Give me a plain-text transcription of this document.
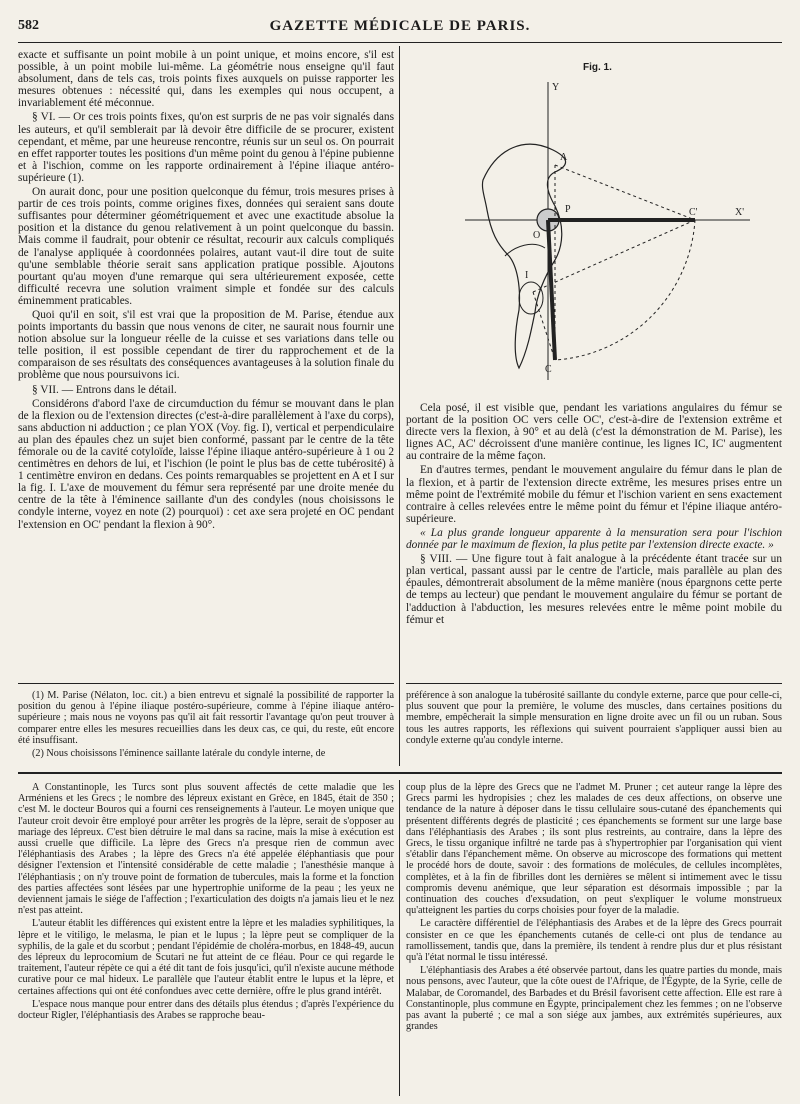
582	GAZETTE MÉDICALE DE PARIS.

exacte et suffisante un point mobile à un point unique, et moins encore, s'il est possible, à un point mobile lui-même. La géométrie nous enseigne qu'il faut absolument, dans de tels cas, trois points fixes auxquels on puisse rapporter les mesures obtenues : nécessité qui, dans les exemples qui nous occupent, a invariablement été méconnue.

§ VI. — Or ces trois points fixes, qu'on est surpris de ne pas voir signalés dans les auteurs, et qu'il semblerait par là devoir être difficile de se procurer, existent cependant, et même, par une heureuse rencontre, réunis sur un seul os. On pourrait en effet rapporter toutes les positions d'un même point du genou à l'épine pubienne et à l'ischion, comme on les rapporte ordinairement à l'épine iliaque antéro-supérieure (1).

On aurait donc, pour une position quelconque du fémur, trois mesures prises à partir de ces trois points, comme origines fixes, données qui seraient sans doute suffisantes pour déterminer géométriquement et avec une exactitude absolue la position et la distance du genou relativement à un point quelconque du bassin. Mais comme il faudrait, pour obtenir ce résultat, recourir aux calculs compliqués de l'analyse appliquée à coordonnées polaires, autant vaut-il dire tout de suite qu'une semblable théorie serait sans application pratique possible. Ajoutons pourtant qu'au moyen d'une remarque qui sera ultérieurement exposée, cette difficulté recevra une solution vraiment simple et fondée sur des calculs éminemment praticables.

Quoi qu'il en soit, s'il est vrai que la proposition de M. Parise, étendue aux points importants du bassin que nous venons de citer, ne saurait nous fournir une notion absolue sur la longueur réelle de la cuisse et ses variations dans telle ou telle position, il est possible cependant de tirer du rapprochement et de la comparaison de ses résultats des conséquences avantageuses à la solution finale du problème que nous poursuivons ici.

§ VII. — Entrons dans le détail.

Considérons d'abord l'axe de circumduction du fémur se mouvant dans le plan de la flexion ou de l'extension directes (c'est-à-dire parallèlement à l'axe du corps), sans abduction ni adduction ; ce plan YOX (Voy. fig. I), vertical et perpendiculaire au plan des épaules chez un sujet bien conformé, passant par le centre de la tête fémorale ou de la cavité cotyloïde, laisse l'épine iliaque antéro-supérieure à 1 ou 2 centimètres en dehors de lui, et l'ischion (le point le plus bas de cette tubérosité) à 1 centimètre environ en dedans. Ces points remarquables se projettent en A et I sur la fig. I. L'axe de mouvement du fémur sera représenté par une droite menée du centre de la tête à l'éminence saillante d'un des condyles (nous choisissons le condyle interne, voyez en note (2) pourquoi) : cet axe sera projeté en OC pendant l'extension en OC' pendant la flexion à 90°.

Fig. 1.
Y
A
P	C'	X'
I
C
O

Cela posé, il est visible que, pendant les variations angulaires du fémur se portant de la position OC vers celle OC', c'est-à-dire de l'extension extrême et directe vers la flexion, à 90° et au delà (c'est la démonstration de M. Parise), les lignes AC, AC' décroissent d'une manière continue, les lignes IC, IC' augmentent au contraire de la même façon.

En d'autres termes, pendant le mouvement angulaire du fémur dans le plan de la flexion, et à partir de l'extension directe extrême, les mesures prises entre un même point de l'extrémité mobile du fémur et l'ischion varient en sens exactement contraire à celles relevées entre le même point du fémur et l'épine iliaque antéro-supérieure.

« La plus grande longueur apparente à la mensuration sera pour l'ischion donnée par le maximum de flexion, la plus petite par l'extension directe exacte. »

§ VIII. — Une figure tout à fait analogue à la précédente étant tracée sur un plan vertical, passant aussi par le centre de l'article, mais parallèle au plan des épaules, démontrerait absolument de la même manière (nous épargnons cette perte de temps au lecteur) que pendant le mouvement angulaire du fémur se portant de l'adduction à l'abduction, les mesures relevées entre le même point mobile du fémur et

(1) M. Parise (Nélaton, loc. cit.) a bien entrevu et signalé la possibilité de rapporter la position du genou à l'épine iliaque postéro-supérieure, comme à l'épine iliaque antéro-supérieure ; mais nous ne voyons pas qu'il ait fait ressortir l'avantage qu'on peut trouver à comparer entre elles les mesures recueillies dans les deux cas, ce qui, du reste, eût encore été insuffisant.

(2) Nous choisissons l'éminence saillante latérale du condyle interne, de

préférence à son analogue la tubérosité saillante du condyle externe, parce que pour celle-ci, plus souvent que pour la première, le volume des muscles, dans certaines positions du membre, empêcherait la simple mensuration en ligne droite avec un fil ou un ruban. Sous tous les autres rapports, les réflexions qui suivent pourraient s'appliquer aussi bien au condyle externe qu'au condyle interne.

A Constantinople, les Turcs sont plus souvent affectés de cette maladie que les Arméniens et les Grecs ; le nombre des lépreux existant en Grèce, en 1845, était de 350 ; c'est M. le docteur Bouros qui a fourni ces renseignements à l'auteur. Le moyen unique que l'auteur croit devoir être employé pour arrêter les progrès de la lèpre, serait de s'opposer au mariage des lépreux. C'est bien détruire le mal dans sa racine, mais la mise à exécution est aussi cruelle que difficile. La lèpre des Grecs n'a presque rien de commun avec l'éléphantiasis des Arabes ; la lèpre des Grecs n'a été appelée éléphantiasis que pour désigner l'extension et l'intensité considérable de cette maladie ; l'anesthésie manque à l'éléphantiasis ; on n'y trouve point de formation de tubercules, mais la forme et la fonction des parties affectées sont lésées par une hypertrophie uniforme de la peau ; les yeux ne deviennent jamais le siége de l'affection ; l'exarticulation des doigts n'a jamais lieu et le nez n'est pas atteint.

L'auteur établit les différences qui existent entre la lèpre et les maladies syphilitiques, la lèpre et le vitiligo, le melasma, le pian et le lupus ; la lèpre peut se compliquer de la syphilis, de la gale et du scorbut ; pendant l'épidémie de choléra-morbus, en 1848-49, aucun des lépreux du leprocomium de Scutari ne fut atteint de ce fléau. Pour ce qui regarde le traitement, l'auteur répète ce qui a été dit tant de fois jusqu'ici, qu'il n'existe aucune méthode curative pour ce mal hideux. Le parallèle que l'auteur établit entre le lupus et la lèpre, et certaines affections qui ont été confondues avec cette dernière, offre le plus grand intérêt.

L'espace nous manque pour entrer dans des détails plus étendus ; d'après l'expérience du docteur Rigler, l'éléphantiasis des Arabes se rapproche beau-

coup plus de la lèpre des Grecs que ne l'admet M. Pruner ; cet auteur range la lèpre des Grecs parmi les hydropisies ; chez les malades de ces deux affections, on observe une tendance de la nature à déposer dans le tissu cellulaire sous-cutané des épanchements qui présentent différents degrés de plasticité ; ces épanchements se forment sur une large base dans l'éléphantiasis des Arabes ; ils sont plus restreints, au contraire, dans la lèpre des Grecs, le tissu organique infiltré ne tarde pas à s'hypertrophier par l'organisation qui vient s'établir dans l'épanchement même. On observe au microscope des formations qui mettent le procédé hors de doute, savoir : des formations de molécules, de cellules incomplètes, complètes, et à la fin de fibrilles dont les dernières se mêlent si intimement avec le tissu compromis devenu anémique, que leur séparation est désormais impossible ; par la continuation des couches d'exsudation, on peut s'expliquer le volume monstrueux qu'atteignent les parties du corps choisies pour foyer de la maladie.

Le caractère différentiel de l'éléphantiasis des Arabes et de la lèpre des Grecs pourrait consister en ce que les épanchements cutanés de celle-ci ont plus de tendance au ramollissement, tandis que, dans la première, ils tendent à rendre plus dur et plus résistant qu'à l'état normal le tissu intéressé.

L'éléphantiasis des Arabes a été observée partout, dans les quatre parties du monde, mais nous pensons, avec l'auteur, que la côte ouest de l'Afrique, de l'Égypte, de la Syrie, celle de Malabar, de Coromandel, des Barbades et du Brésil favorisent cette affection. Elle est rare à Constantinople, plus commune en Égypte, principalement chez les femmes ; on ne l'observe pas avant la puberté ; ce mal a son siége aux jambes, aux extrémités supérieures, aux grandes
